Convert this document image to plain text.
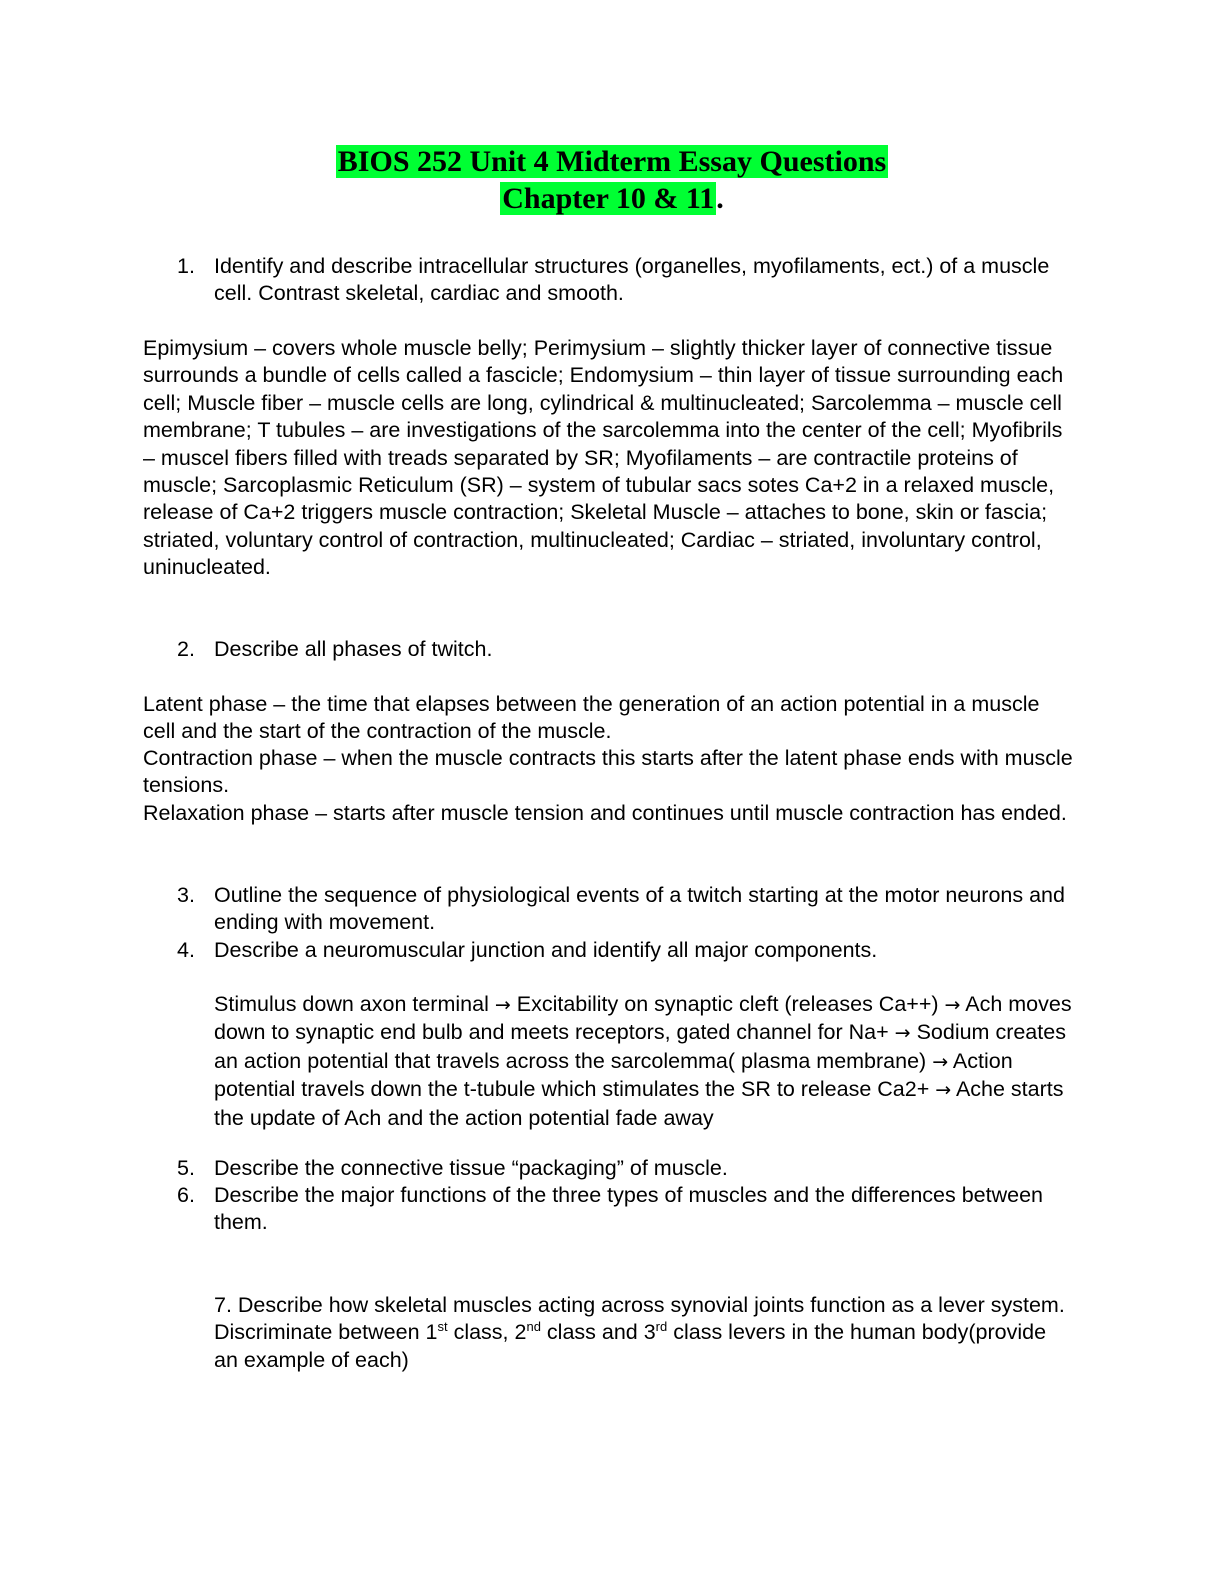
BIOS 252 Unit 4 Midterm Essay Questions
Chapter 10 & 11.
1. Identify and describe intracellular structures (organelles, myofilaments, ect.) of a muscle cell. Contrast skeletal, cardiac and smooth.

Epimysium – covers whole muscle belly; Perimysium – slightly thicker layer of connective tissue surrounds a bundle of cells called a fascicle; Endomysium – thin layer of tissue surrounding each cell; Muscle fiber – muscle cells are long, cylindrical & multinucleated; Sarcolemma – muscle cell membrane; T tubules – are investigations of the sarcolemma into the center of the cell; Myofibrils – muscel fibers filled with treads separated by SR; Myofilaments – are contractile proteins of muscle; Sarcoplasmic Reticulum (SR) – system of tubular sacs sotes Ca+2 in a relaxed muscle, release of Ca+2 triggers muscle contraction; Skeletal Muscle – attaches to bone, skin or fascia; striated, voluntary control of contraction, multinucleated; Cardiac – striated, involuntary control, uninucleated.

2. Describe all phases of twitch.

Latent phase – the time that elapses between the generation of an action potential in a muscle cell and the start of the contraction of the muscle.

Contraction phase – when the muscle contracts this starts after the latent phase ends with muscle tensions.

Relaxation phase – starts after muscle tension and continues until muscle contraction has ended.

3. Outline the sequence of physiological events of a twitch starting at the motor neurons and ending with movement.
4. Describe a neuromuscular junction and identify all major components.

Stimulus down axon terminal → Excitability on synaptic cleft (releases Ca++) → Ach moves down to synaptic end bulb and meets receptors, gated channel for Na+ → Sodium creates an action potential that travels across the sarcolemma( plasma membrane) → Action potential travels down the t-tubule which stimulates the SR to release Ca2+ → Ache starts the update of Ach and the action potential fade away

5. Describe the connective tissue “packaging” of muscle.
6. Describe the major functions of the three types of muscles and the differences between them.

7. Describe how skeletal muscles acting across synovial joints function as a lever system. Discriminate between 1st class, 2nd class and 3rd class levers in the human body(provide an example of each)
